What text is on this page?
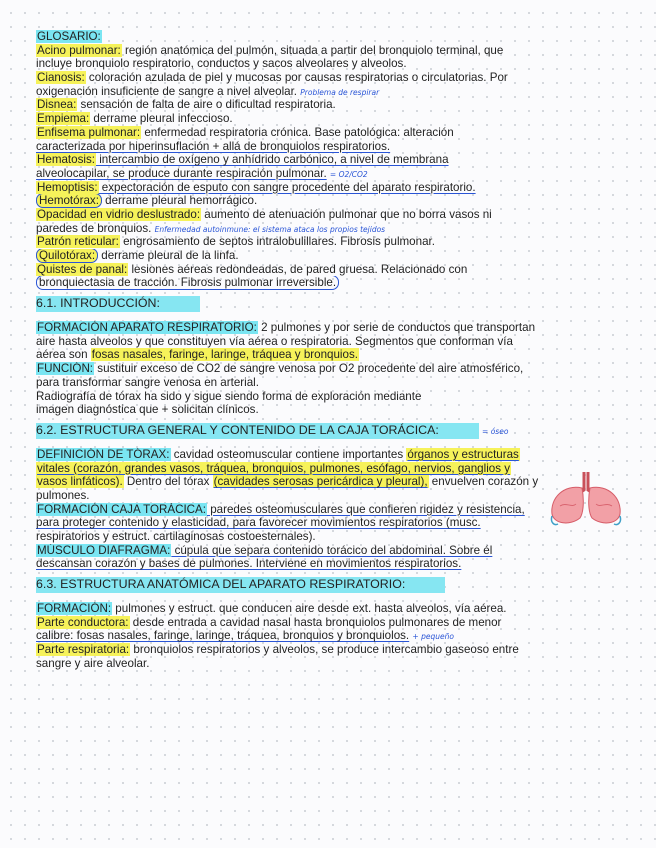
GLOSARIO:
Acino pulmonar: región anatómica del pulmón, situada a partir del bronquiolo terminal, que
incluye bronquiolo respiratorio, conductos y sacos alveolares y alveolos.
Cianosis: coloración azulada de piel y mucosas por causas respiratorias o circulatorias. Por
oxigenación insuficiente de sangre a nivel alveolar. Problema de respirar
Disnea: sensación de falta de aire o dificultad respiratoria.
Empiema: derrame pleural infeccioso.
Enfisema pulmonar: enfermedad respiratoria crónica. Base patológica: alteración
caracterizada por hiperinsuflación + allá de bronquiolos respiratorios.
Hematosis: intercambio de oxígeno y anhídrido carbónico, a nivel de membrana
alveolocapilar, se produce durante respiración pulmonar. = O2/CO2
Hemoptisis: expectoración de esputo con sangre procedente del aparato respiratorio.
Hemotórax: derrame pleural hemorrágico.
Opacidad en vidrio deslustrado: aumento de atenuación pulmonar que no borra vasos ni
paredes de bronquios. Enfermedad autoinmune: el sistema ataca los propios tejidos
Patrón reticular: engrosamiento de septos intralobulillares. Fibrosis pulmonar.
Quilotórax: derrame pleural de la linfa.
Quistes de panal: lesiones aéreas redondeadas, de pared gruesa. Relacionado con
bronquiectasia de tracción. Fibrosis pulmonar irreversible.
6.1. INTRODUCCIÓN:
FORMACIÓN APARATO RESPIRATORIO: 2 pulmones y por serie de conductos que transportan
aire hasta alveolos y que constituyen vía aérea o respiratoria. Segmentos que conforman vía
aérea son fosas nasales, faringe, laringe, tráquea y bronquios.
FUNCIÓN: sustituir exceso de CO2 de sangre venosa por O2 procedente del aire atmosférico,
para transformar sangre venosa en arterial.
Radiografía de tórax ha sido y sigue siendo forma de exploración mediante
imagen diagnóstica que + solicitan clínicos.
6.2. ESTRUCTURA GENERAL Y CONTENIDO DE LA CAJA TORÁCICA:	= óseo
DEFINICIÓN DE TÓRAX: cavidad osteomuscular contiene importantes órganos y estructuras
vitales (corazón, grandes vasos, tráquea, bronquios, pulmones, esófago, nervios, ganglios y
vasos linfáticos). Dentro del tórax (cavidades serosas pericárdica y pleural), envuelven corazón y
pulmones.
FORMACIÓN CAJA TORÁCICA: paredes osteomusculares que confieren rigidez y resistencia,
para proteger contenido y elasticidad, para favorecer movimientos respiratorios (musc.
respiratorios y estruct. cartilaginosas costoesternales).
MÚSCULO DIAFRAGMA: cúpula que separa contenido torácico del abdominal. Sobre él
descansan corazón y bases de pulmones. Interviene en movimientos respiratorios.
6.3. ESTRUCTURA ANATÓMICA DEL APARATO RESPIRATORIO:
FORMACIÓN: pulmones y estruct. que conducen aire desde ext. hasta alveolos, vía aérea.
Parte conductora: desde entrada a cavidad nasal hasta bronquiolos pulmonares de menor
calibre: fosas nasales, faringe, laringe, tráquea, bronquios y bronquiolos. + pequeño
Parte respiratoria: bronquiolos respiratorios y alveolos, se produce intercambio gaseoso entre
sangre y aire alveolar.
